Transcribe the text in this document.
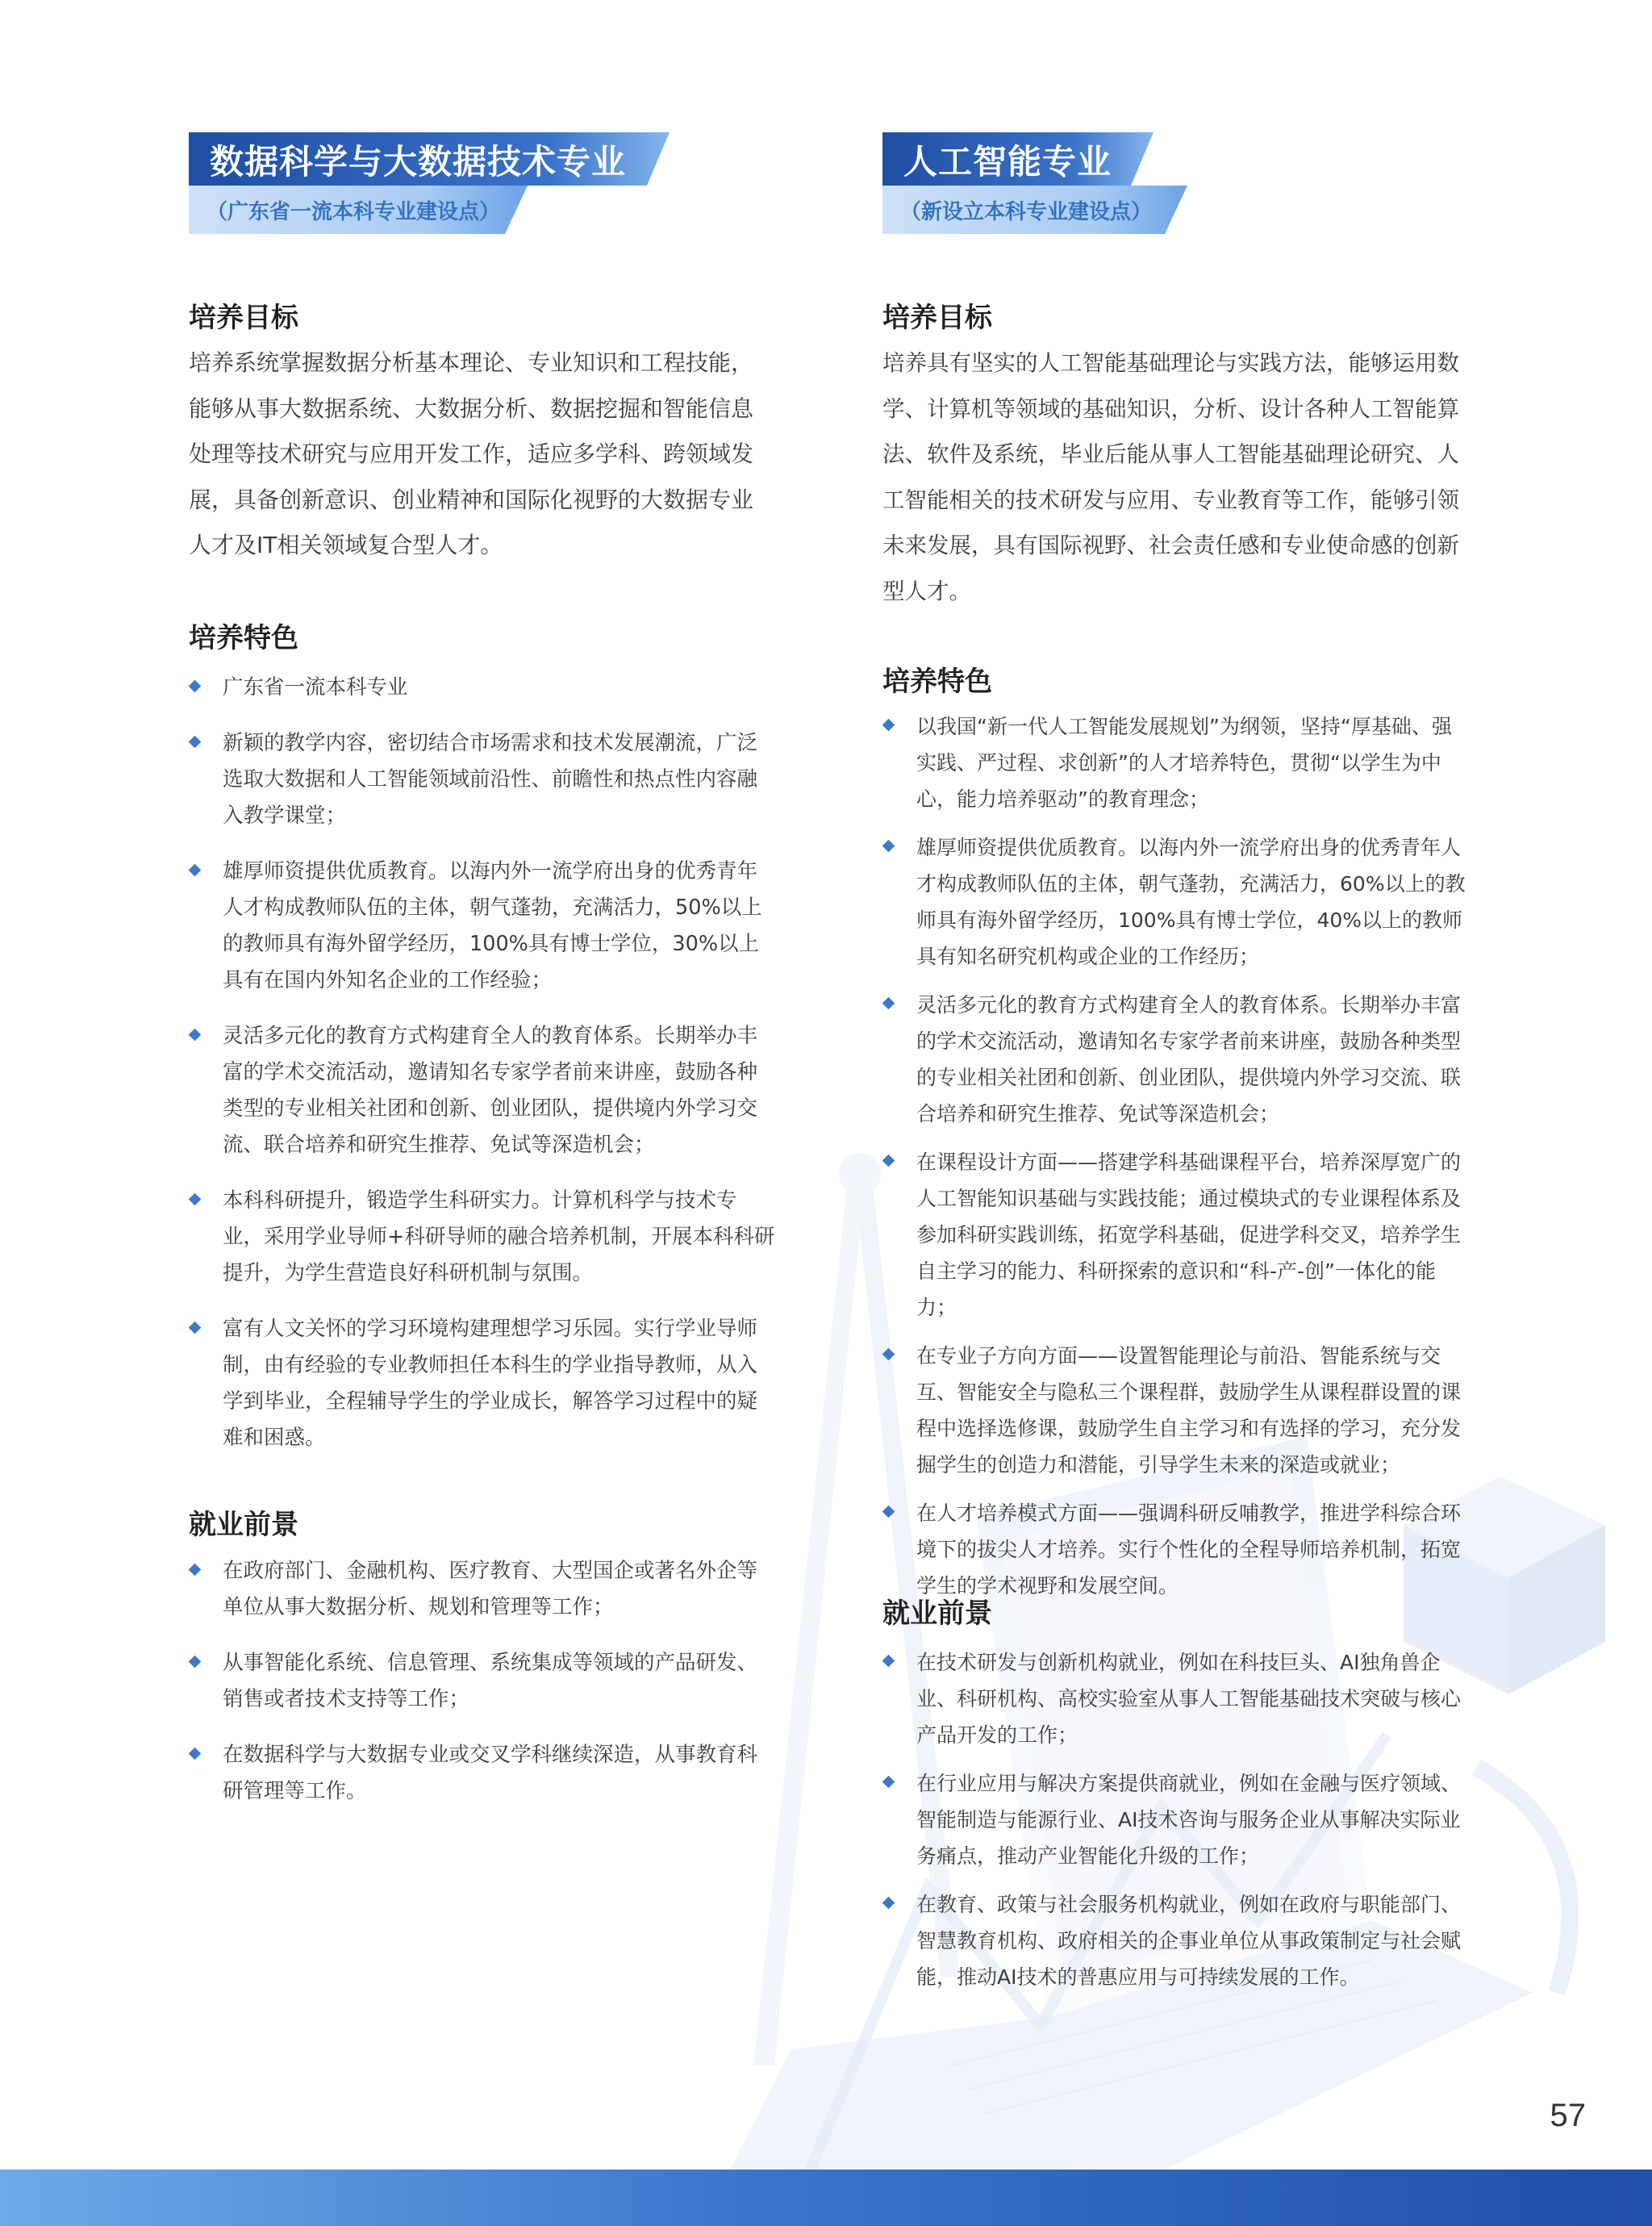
数据科学与大数据技术专业

（广东省一流本科专业建设点）

培养目标

培养系统掌握数据分析基本理论、专业知识和工程技能，能够从事大数据系统、大数据分析、数据挖掘和智能信息处理等技术研究与应用开发工作，适应多学科、跨领域发展，具备创新意识、创业精神和国际化视野的大数据专业人才及IT相关领域复合型人才。

培养特色
广东省一流本科专业
新颖的教学内容，密切结合市场需求和技术发展潮流，广泛选取大数据和人工智能领域前沿性、前瞻性和热点性内容融入教学课堂；
雄厚师资提供优质教育。以海内外一流学府出身的优秀青年人才构成教师队伍的主体，朝气蓬勃，充满活力，50%以上的教师具有海外留学经历，100%具有博士学位，30%以上具有在国内外知名企业的工作经验；
灵活多元化的教育方式构建育全人的教育体系。长期举办丰富的学术交流活动，邀请知名专家学者前来讲座，鼓励各种类型的专业相关社团和创新、创业团队，提供境内外学习交流、联合培养和研究生推荐、免试等深造机会；
本科科研提升，锻造学生科研实力。计算机科学与技术专业，采用学业导师+科研导师的融合培养机制，开展本科科研提升，为学生营造良好科研机制与氛围。
富有人文关怀的学习环境构建理想学习乐园。实行学业导师制，由有经验的专业教师担任本科生的学业指导教师，从入学到毕业，全程辅导学生的学业成长，解答学习过程中的疑难和困惑。
就业前景
在政府部门、金融机构、医疗教育、大型国企或著名外企等单位从事大数据分析、规划和管理等工作；
从事智能化系统、信息管理、系统集成等领域的产品研发、销售或者技术支持等工作；
在数据科学与大数据专业或交叉学科继续深造，从事教育科研管理等工作。
人工智能专业

（新设立本科专业建设点）

培养目标

培养具有坚实的人工智能基础理论与实践方法，能够运用数学、计算机等领域的基础知识，分析、设计各种人工智能算法、软件及系统，毕业后能从事人工智能基础理论研究、人工智能相关的技术研发与应用、专业教育等工作，能够引领未来发展，具有国际视野、社会责任感和专业使命感的创新型人才。

培养特色
以我国“新一代人工智能发展规划”为纲领，坚持“厚基础、强实践、严过程、求创新”的人才培养特色，贯彻“以学生为中心，能力培养驱动”的教育理念；
雄厚师资提供优质教育。以海内外一流学府出身的优秀青年人才构成教师队伍的主体，朝气蓬勃，充满活力，60%以上的教师具有海外留学经历，100%具有博士学位，40%以上的教师具有知名研究机构或企业的工作经历；
灵活多元化的教育方式构建育全人的教育体系。长期举办丰富的学术交流活动，邀请知名专家学者前来讲座，鼓励各种类型的专业相关社团和创新、创业团队，提供境内外学习交流、联合培养和研究生推荐、免试等深造机会；
在课程设计方面——搭建学科基础课程平台，培养深厚宽广的人工智能知识基础与实践技能；通过模块式的专业课程体系及参加科研实践训练，拓宽学科基础，促进学科交叉，培养学生自主学习的能力、科研探索的意识和“科-产-创”一体化的能力；
在专业子方向方面——设置智能理论与前沿、智能系统与交互、智能安全与隐私三个课程群，鼓励学生从课程群设置的课程中选择选修课，鼓励学生自主学习和有选择的学习，充分发掘学生的创造力和潜能，引导学生未来的深造或就业；
在人才培养模式方面——强调科研反哺教学，推进学科综合环境下的拔尖人才培养。实行个性化的全程导师培养机制，拓宽学生的学术视野和发展空间。
就业前景
在技术研发与创新机构就业，例如在科技巨头、AI独角兽企业、科研机构、高校实验室从事人工智能基础技术突破与核心产品开发的工作；
在行业应用与解决方案提供商就业，例如在金融与医疗领域、智能制造与能源行业、AI技术咨询与服务企业从事解决实际业务痛点，推动产业智能化升级的工作；
在教育、政策与社会服务机构就业，例如在政府与职能部门、智慧教育机构、政府相关的企事业单位从事政策制定与社会赋能，推动AI技术的普惠应用与可持续发展的工作。

57
